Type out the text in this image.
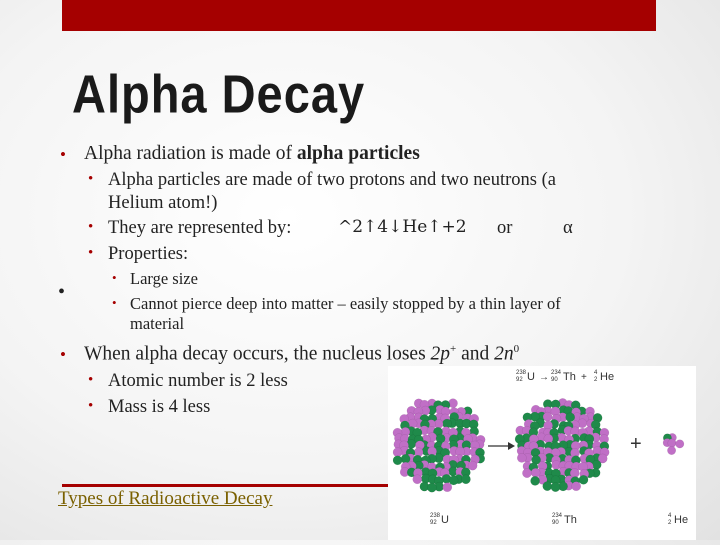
Alpha Decay
• Alpha radiation is made of alpha particles
• Alpha particles are made of two protons and two neutrons (a
Helium atom!)
• They are represented by:	^2↑4↓He↑+2 or	α
• Properties:
• Large size
• Cannot pierce deep into matter – easily stopped by a thin layer of
material
•
• When alpha decay occurs, the nucleus loses 2p+ and $2n^0$
• Atomic number is 2 less
• Mass is 4 less
Types of Radioactive Decay
238
92 U → 234
90 Th + 4
2 He
+
238
92 U	234
90 Th	4
2 He
